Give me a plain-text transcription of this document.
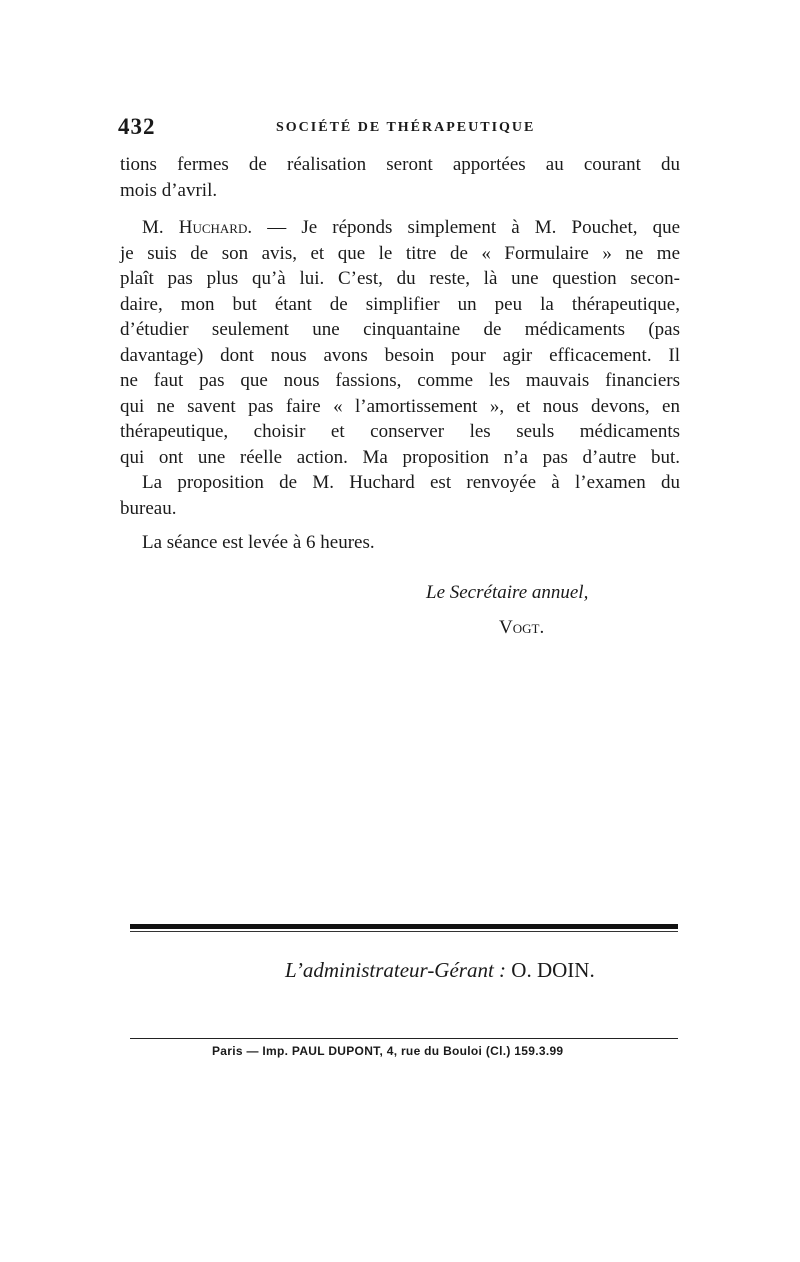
432	SOCIÉTÉ DE THÉRAPEUTIQUE
tions fermes de réalisation seront apportées au courant du
mois d’avril.
M. Huchard. — Je réponds simplement à M. Pouchet, que
je suis de son avis, et que le titre de « Formulaire » ne me
plaît pas plus qu’à lui. C’est, du reste, là une question secon-
daire, mon but étant de simplifier un peu la thérapeutique,
d’étudier seulement une cinquantaine de médicaments (pas
davantage) dont nous avons besoin pour agir efficacement. Il
ne faut pas que nous fassions, comme les mauvais financiers
qui ne savent pas faire « l’amortissement », et nous devons, en
thérapeutique, choisir et conserver les seuls médicaments
qui ont une réelle action. Ma proposition n’a pas d’autre but.
La proposition de M. Huchard est renvoyée à l’examen du
bureau.
La séance est levée à 6 heures.
Le Secrétaire annuel,
Vogt.
L’administrateur-Gérant : O. DOIN.
Paris — Imp. PAUL DUPONT, 4, rue du Bouloi (Cl.) 159.3.99
